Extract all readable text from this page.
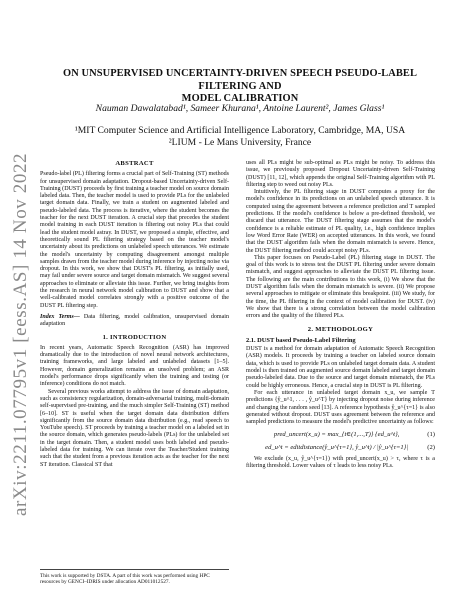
arXiv:2211.07795v1 [eess.AS] 14 Nov 2022
ON UNSUPERVISED UNCERTAINTY-DRIVEN SPEECH PSEUDO-LABEL FILTERING AND
MODEL CALIBRATION
Nauman Dawalatabad¹, Sameer Khurana¹, Antoine Laurent², James Glass¹
¹MIT Computer Science and Artificial Intelligence Laboratory, Cambridge, MA, USA
²LIUM - Le Mans University, France
ABSTRACT

Pseudo-label (PL) filtering forms a crucial part of Self-Training (ST) methods for unsupervised domain adaptation. Dropout-based Uncertainty-driven Self-Training (DUST) proceeds by first training a teacher model on source domain labeled data. Then, the teacher model is used to provide PLs for the unlabeled target domain data. Finally, we train a student on augmented labeled and pseudo-labeled data. The process is iterative, where the student becomes the teacher for the next DUST iteration. A crucial step that precedes the student model training in each DUST iteration is filtering out noisy PLs that could lead the student model astray. In DUST, we proposed a simple, effective, and theoretically sound PL filtering strategy based on the teacher model's uncertainty about its predictions on unlabeled speech utterances. We estimate the model's uncertainty by computing disagreement amongst multiple samples drawn from the teacher model during inference by injecting noise via dropout. In this work, we show that DUST's PL filtering, as initially used, may fail under severe source and target domain mismatch. We suggest several approaches to eliminate or alleviate this issue. Further, we bring insights from the research in neural network model calibration to DUST and show that a well-calibrated model correlates strongly with a positive outcome of the DUST PL filtering step.

Index Terms— Data filtering, model calibration, unsupervised domain adaptation

1. INTRODUCTION

In recent years, Automatic Speech Recognition (ASR) has improved dramatically due to the introduction of novel neural network architectures, training frameworks, and large labeled and unlabeled datasets [1–5]. However, domain generalization remains an unsolved problem; an ASR model's performance drops significantly when the training and testing (or inference) conditions do not match.

Several previous works attempt to address the issue of domain adaptation, such as consistency regularization, domain-adversarial training, multi-domain self-supervised pre-training, and the much simpler Self-Training (ST) method [6–10]. ST is useful when the target domain data distribution differs significantly from the source domain data distribution (e.g., read speech to YouTube speech). ST proceeds by training a teacher model on a labeled set in the source domain, which generates pseudo-labels (PLs) for the unlabeled set in the target domain. Then, a student model uses both labeled and pseudo-labeled data for training. We can iterate over the Teacher/Student training such that the student from a previous iteration acts as the teacher for the next ST iteration. Classical ST that

This work is supported by DSTA. A part of this work was performed using HPC resources by GENCI–IDRIS under allocation AD011012527.

uses all PLs might be sub-optimal as PLs might be noisy. To address this issue, we previously proposed Dropout Uncertainty-driven Self-Training (DUST) [11, 12], which appends the original Self-Training algorithm with PL filtering step to weed out noisy PLs.

Intuitively, the PL filtering stage in DUST computes a proxy for the model's confidence in its predictions on an unlabeled speech utterance. It is computed using the agreement between a reference prediction and T sampled predictions. If the model's confidence is below a pre-defined threshold, we discard that utterance. The DUST filtering stage assumes that the model's confidence is a reliable estimate of PL quality, i.e., high confidence implies low Word Error Rate (WER) on accepted utterances. In this work, we found that the DUST algorithm fails when the domain mismatch is severe. Hence, the DUST filtering method could accept noisy PLs.

This paper focuses on Pseudo-Label (PL) filtering stage in DUST. The goal of this work is to stress test the DUST PL filtering under severe domain mismatch, and suggest approaches to alleviate the DUST PL filtering issue. The following are the main contributions to this work, (i) We show that the DUST algorithm fails when the domain mismatch is severe. (ii) We propose several approaches to mitigate or eliminate this breakpoint. (iii) We study, for the time, the PL filtering in the context of model calibration for DUST. (iv) We show that there is a strong correlation between the model calibration errors and the quality of the filtered PLs.

2. METHODOLOGY
2.1. DUST based Pseudo-Label Filtering

DUST is a method for domain adaptation of Automatic Speech Recognition (ASR) models. It proceeds by training a teacher on labeled source domain data, which is used to provide PLs on unlabeled target domain data. A student model is then trained on augmented source domain labeled and target domain pseudo-labeled data. Due to the source and target domain mismatch, the PLs could be highly erroneous. Hence, a crucial step in DUST is PL filtering.

For each utterance in unlabeled target domain x_u, we sample T predictions {ŷ_u^1, . . . , ŷ_u^T} by injecting dropout noise during inference and changing the random seed [13]. A reference hypothesis ŷ_u^{τ=1} is also generated without dropout. DUST uses agreement between the reference and sampled predictions to measure the model's predictive uncertainty as follows:

pred_uncert(x_u) = max_{t∈(1,...,T)} {ed_u^t},	(1)
ed_u^t = editdistance(ŷ_u^{τ=1}, ŷ_u^t) / |ŷ_u^{τ=1}|	(2)

We exclude (x_u, ŷ_u^{τ=1}) with pred_uncert(x_u) > τ, where τ is a filtering threshold. Lower values of τ leads to less noisy PLs.
